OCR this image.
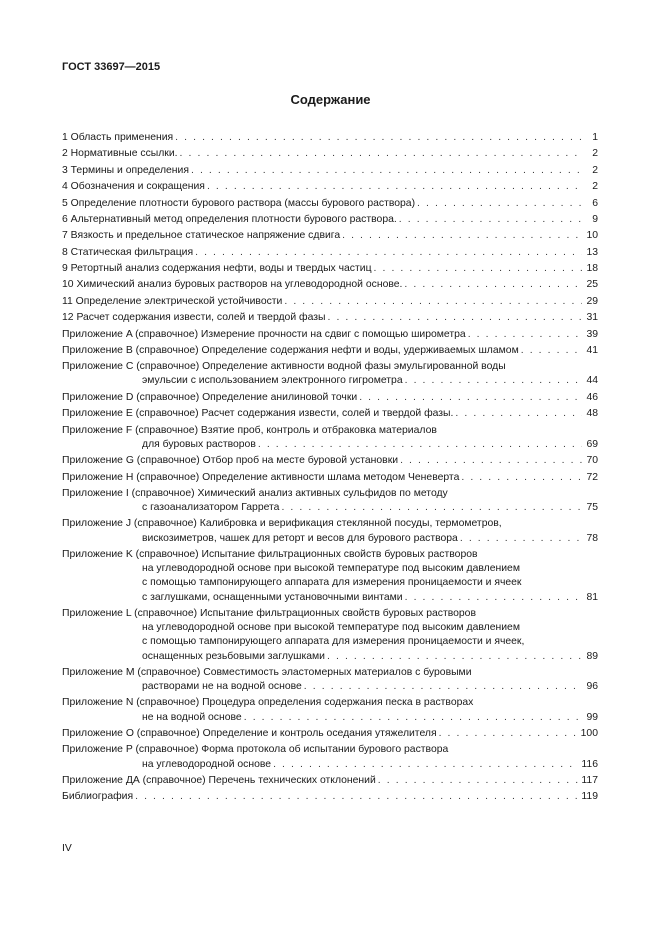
ГОСТ 33697—2015
Содержание
1 Область применения . . .	1
2 Нормативные ссылки. . . .	2
3 Термины и определения . . .	2
4 Обозначения и сокращения . . .	2
5 Определение плотности бурового раствора (массы бурового раствора) . . .	6
6 Альтернативный метод определения плотности бурового раствора. . . .	9
7 Вязкость и предельное статическое напряжение сдвига . . .	10
8 Статическая фильтрация . . .	13
9 Ретортный анализ содержания нефти, воды и твердых частиц . . .	18
10 Химический анализ буровых растворов на углеводородной основе. . . .	25
11 Определение электрической устойчивости . . .	29
12 Расчет содержания извести, солей и твердой фазы . . .	31
Приложение A (справочное) Измерение прочности на сдвиг с помощью широметра . . .	39
Приложение B (справочное) Определение содержания нефти и воды, удерживаемых шламом . . .	41
Приложение C (справочное) Определение активности водной фазы эмульгированной воды
эмульсии с использованием электронного гигрометра . . .	44
Приложение D (справочное) Определение анилиновой точки . . .	46
Приложение E (справочное) Расчет содержания извести, солей и твердой фазы. . . .	48
Приложение F (справочное) Взятие проб, контроль и отбраковка материалов
для буровых растворов . . .	69
Приложение G (справочное) Отбор проб на месте буровой установки . . .	70
Приложение H (справочное) Определение активности шлама методом Ченеверта . . .	72
Приложение I (справочное) Химический анализ активных сульфидов по методу
с газоанализатором Гаррета . . .	75
Приложение J (справочное) Калибровка и верификация стеклянной посуды, термометров,
вискозиметров, чашек для реторт и весов для бурового раствора . . .	78
Приложение K (справочное) Испытание фильтрационных свойств буровых растворов
на углеводородной основе при высокой температуре под высоким давлением
с помощью тампонирующего аппарата для измерения проницаемости и ячеек
с заглушками, оснащенными установочными винтами . . .	81
Приложение L (справочное) Испытание фильтрационных свойств буровых растворов
на углеводородной основе при высокой температуре под высоким давлением
с помощью тампонирующего аппарата для измерения проницаемости и ячеек,
оснащенных резьбовыми заглушками . . .	89
Приложение M (справочное) Совместимость эластомерных материалов с буровыми
растворами не на водной основе . . .	96
Приложение N (справочное) Процедура определения содержания песка в растворах
не на водной основе . . .	99
Приложение O (справочное) Определение и контроль оседания утяжелителя . . .	100
Приложение P (справочное) Форма протокола об испытании бурового раствора
на углеводородной основе . . .	116
Приложение ДА (справочное) Перечень технических отклонений . . .	117
Библиография . . .	119
IV
